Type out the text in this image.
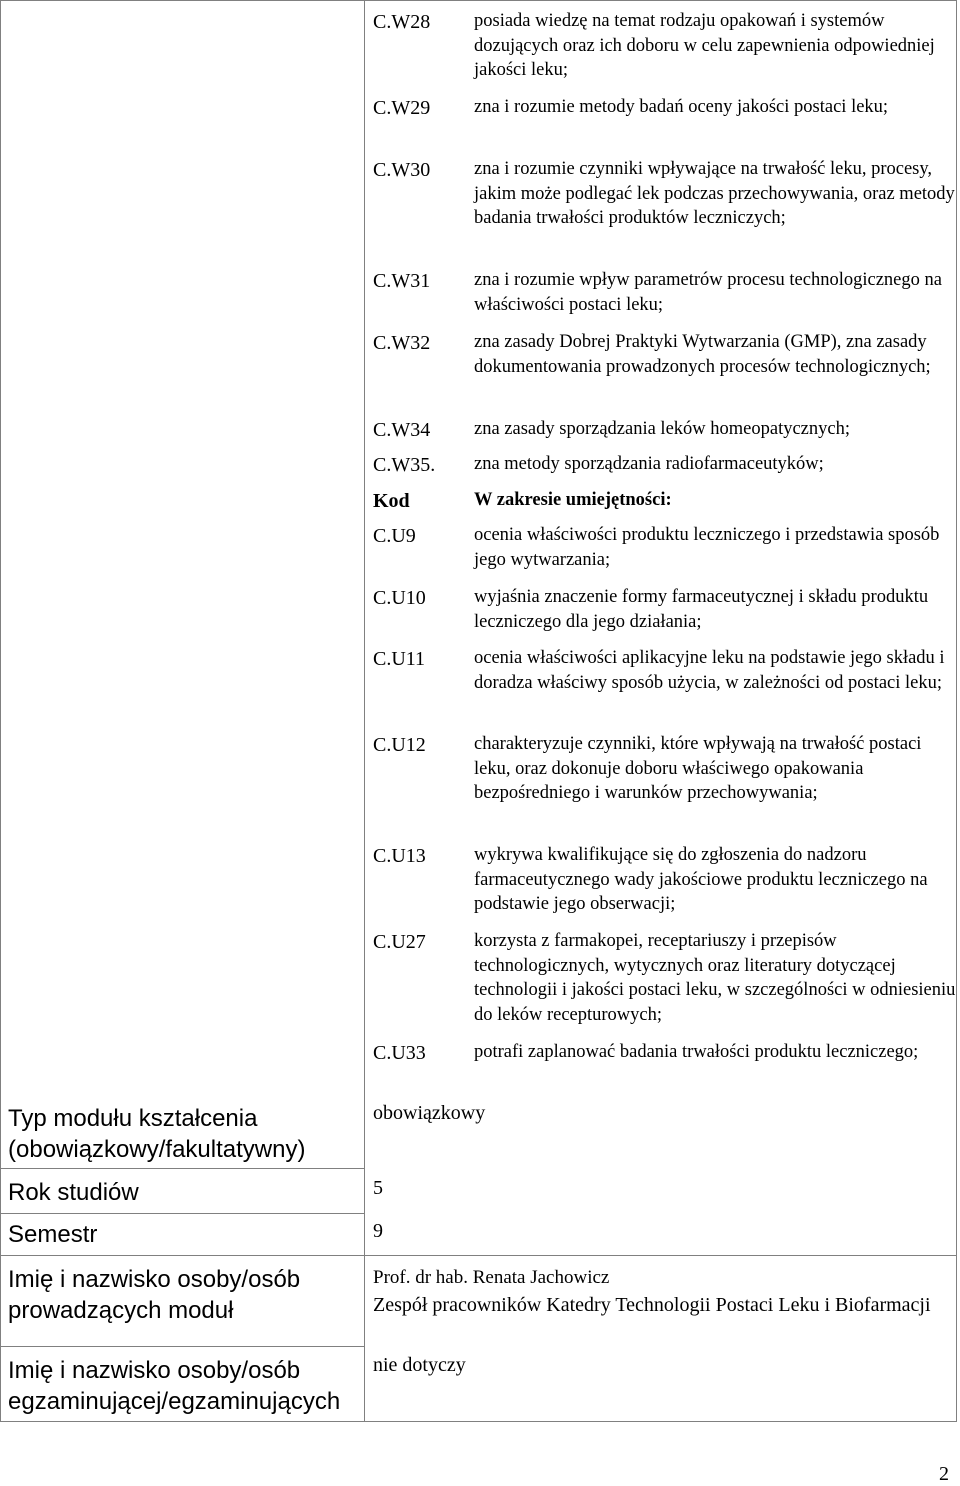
C.W28
C.W29
C.W30
C.W31
C.W32
C.W34
C.W35.
Kod
C.U9
C.U10
C.U11
C.U12
C.U13
C.U27
C.U33
posiada wiedzę na temat rodzaju opakowań i systemów dozujących oraz ich doboru w celu zapewnienia odpowiedniej jakości leku;
zna i rozumie metody badań oceny jakości postaci leku;
zna i rozumie czynniki wpływające na trwałość leku, procesy, jakim może podlegać lek podczas przechowywania, oraz metody badania trwałości produktów leczniczych;
zna i rozumie wpływ parametrów procesu technologicznego na właściwości postaci leku;
zna zasady Dobrej Praktyki Wytwarzania (GMP), zna zasady dokumentowania prowadzonych procesów technologicznych;
zna zasady sporządzania leków homeopatycznych;
zna metody sporządzania radiofarmaceutyków;
W zakresie umiejętności:
ocenia właściwości produktu leczniczego i przedstawia sposób jego wytwarzania;
wyjaśnia znaczenie formy farmaceutycznej i składu produktu leczniczego dla jego działania;
ocenia właściwości aplikacyjne leku na podstawie jego składu i doradza właściwy sposób użycia, w zależności od postaci leku;
charakteryzuje czynniki, które wpływają na trwałość postaci leku, oraz dokonuje doboru właściwego opakowania bezpośredniego i warunków przechowywania;
wykrywa kwalifikujące się do zgłoszenia do nadzoru farmaceutycznego wady jakościowe produktu leczniczego na podstawie jego obserwacji;
korzysta z farmakopei, receptariuszy i przepisów technologicznych, wytycznych oraz literatury dotyczącej technologii i jakości postaci leku, w szczególności w odniesieniu do leków recepturowych;
potrafi zaplanować badania trwałości produktu leczniczego;
Typ modułu kształcenia (obowiązkowy/fakultatywny)
obowiązkowy
Rok studiów	5
Semestr	9
Imię i nazwisko osoby/osób prowadzących moduł
Prof. dr hab. Renata Jachowicz
Zespół pracowników Katedry Technologii Postaci Leku i Biofarmacji
Imię i nazwisko osoby/osób egzaminującej/egzaminujących
nie dotyczy
2
